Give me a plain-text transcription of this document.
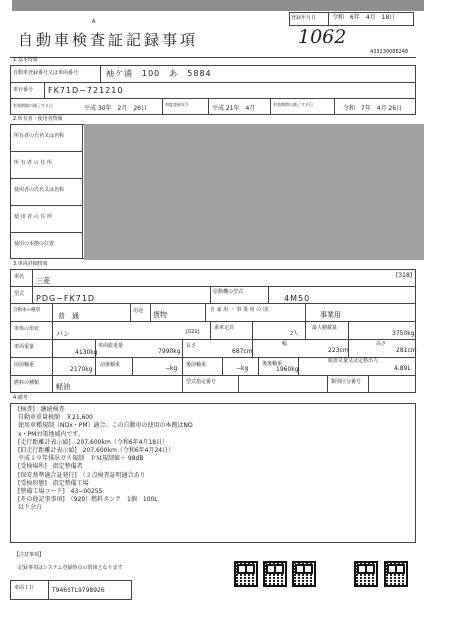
A
自動車検査証記録事項	1062
登録年月日	令和　6年　4月　18日
433230086248
1.基本情報
自動車登録番号又は車両番号	袖ケ浦　100　あ　5884
車台番号 FK71D−721210
有効期間の満了する日	平成 30年　2月　26日
初度登録年月
平成 21年　4月
有効期間の満了する日
令和　7年　4月 26日
2.所有者・使用者情報
所有者の氏名又は名称
所 有 者 の 住 所
使用者の氏名又は名称
使 用 者 の 住 所
使用の本拠の位置
3.車両詳細情報
車名 三菱
[318]
型式 PDG−FK71D
原動機の型式
4M50
自動車の種別
普　通
用途 貨物
自 家 用 ・ 事 業 用 の 別
事業用
車体の形状
バン	[021]
乗車定員
2人
最大積載量
3750kg
車両重量
4130kg
車両総重量
7990kg
長さ
687cm
幅
223cm
高さ
281cm
前前軸重
2170kg
前後軸重	−kg 後前軸重	−kg
後後軸重
1960kg
総排気量又は定格出力
4.89L
燃料の種類 軽油
型式指定番号	類別区分番号
4.備考
[検査]　継続検査
自動車重量税額　￥21,600
使用車種規制（NOx・PM）適合。この自動車の使用の本拠はNO
x・PM対策地域内です。
[走行距離計表示値]　207,600km（令和6年4月18日）
[旧走行距離計表示値]　207,600km（令和6年4月24日）
平成１９年排出ガス規制　ＰＭ規制値＋ 98dB
[受検場所]　指定整備者
[保安基準適合証発行]　（２点検査証明適合あり
[受検形態]　指定整備工場
[整備工場コード]　43−00255
[その他記事事項]　（920）燃料タンク　1個　100L
以下余白
【注意事項】
記録事項はシステム登録時点の情報となります
車両ＩＤ	T9465TL9798926
